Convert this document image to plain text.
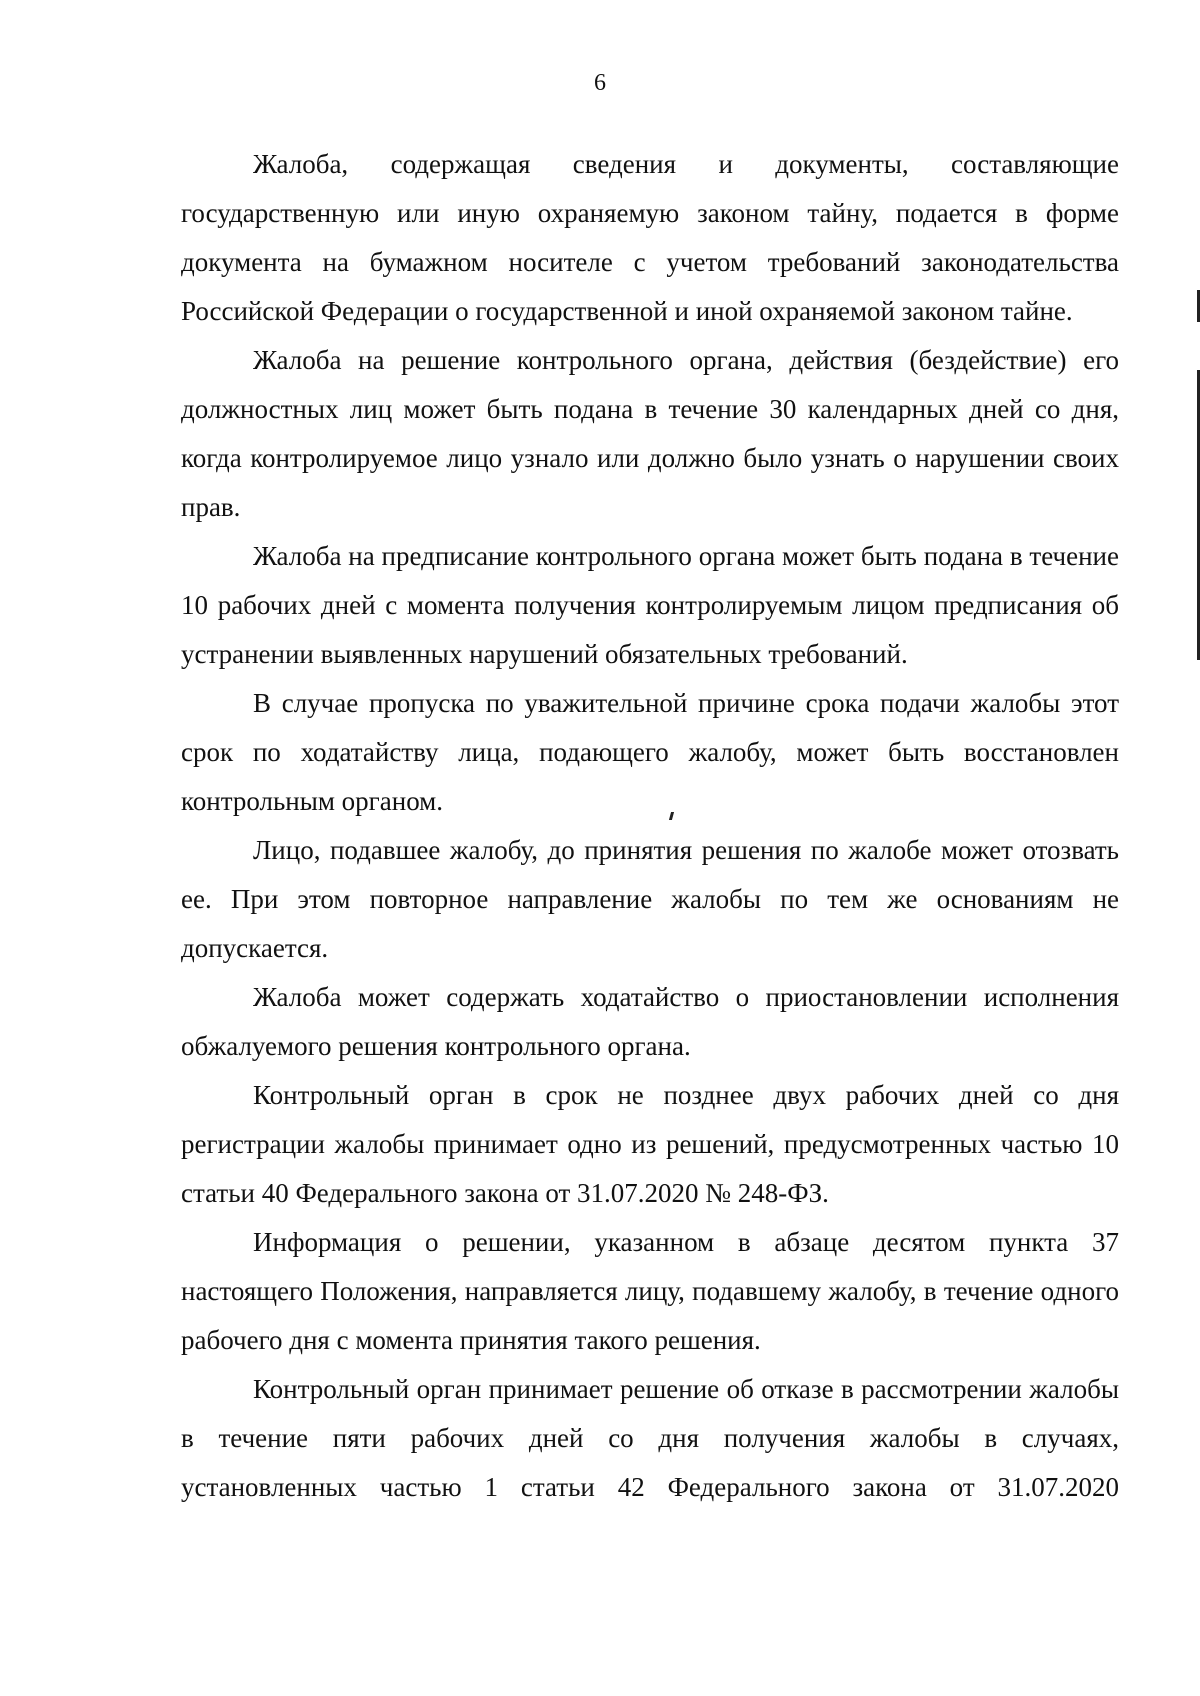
6

Жалоба, содержащая сведения и документы, составляющие государственную или иную охраняемую законом тайну, подается в форме документа на бумажном носителе с учетом требований законодательства Российской Федерации о государственной и иной охраняемой законом тайне.

Жалоба на решение контрольного органа, действия (бездействие) его должностных лиц может быть подана в течение 30 календарных дней со дня, когда контролируемое лицо узнало или должно было узнать о нарушении своих прав.

Жалоба на предписание контрольного органа может быть подана в течение 10 рабочих дней с момента получения контролируемым лицом предписания об устранении выявленных нарушений обязательных требований.

В случае пропуска по уважительной причине срока подачи жалобы этот срок по ходатайству лица, подающего жалобу, может быть восстановлен контрольным органом.

Лицо, подавшее жалобу, до принятия решения по жалобе может отозвать ее. При этом повторное направление жалобы по тем же основаниям не допускается.

Жалоба может содержать ходатайство о приостановлении исполнения обжалуемого решения контрольного органа.

Контрольный орган в срок не позднее двух рабочих дней со дня регистрации жалобы принимает одно из решений, предусмотренных частью 10 статьи 40 Федерального закона от 31.07.2020 № 248-ФЗ.

Информация о решении, указанном в абзаце десятом пункта 37 настоящего Положения, направляется лицу, подавшему жалобу, в течение одного рабочего дня с момента принятия такого решения.

Контрольный орган принимает решение об отказе в рассмотрении жалобы в течение пяти рабочих дней со дня получения жалобы в случаях, установленных частью 1 статьи 42 Федерального закона от 31.07.2020
